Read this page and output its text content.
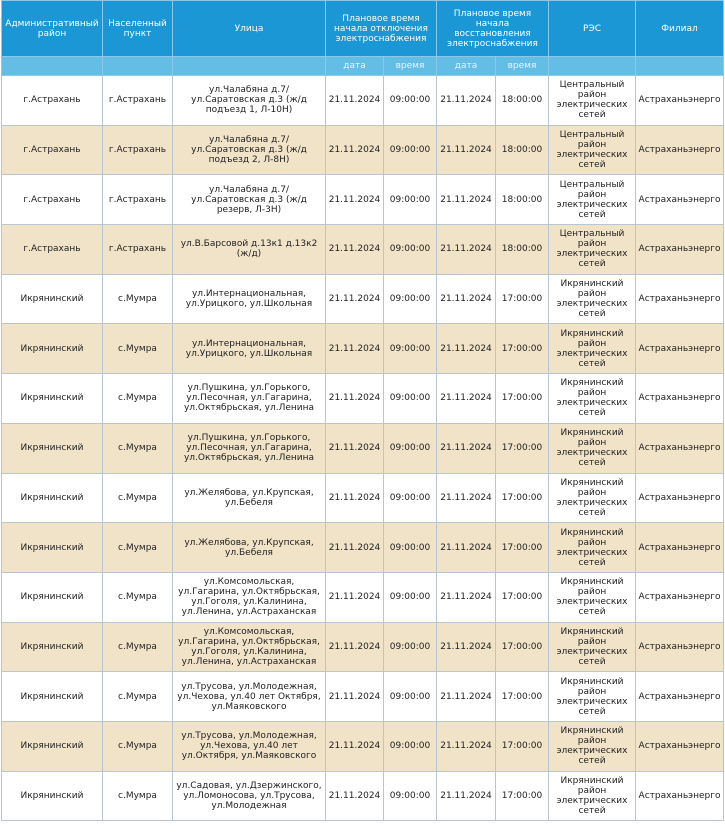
Административный район	Населенный пункт	Улица	Плановое время начала отключения электроснабжения		Плановое время начала восстановления электроснабжения		РЭС	Филиал
			дата	время	дата	время		
г.Астрахань	г.Астрахань	ул.Чалабяна д.7/ ул.Саратовская д.3 (ж/д подъезд 1, Л-10Н)	21.11.2024	09:00:00	21.11.2024	18:00:00	Центральный район электрических сетей	Астраханьэнерго
г.Астрахань	г.Астрахань	ул.Чалабяна д.7/ ул.Саратовская д.3 (ж/д подъезд 2, Л-8Н)	21.11.2024	09:00:00	21.11.2024	18:00:00	Центральный район электрических сетей	Астраханьэнерго
г.Астрахань	г.Астрахань	ул.Чалабяна д.7/ ул.Саратовская д.3 (ж/д резерв, Л-3Н)	21.11.2024	09:00:00	21.11.2024	18:00:00	Центральный район электрических сетей	Астраханьэнерго
г.Астрахань	г.Астрахань	ул.В.Барсовой д.13к1 д.13к2 (ж/д)	21.11.2024	09:00:00	21.11.2024	18:00:00	Центральный район электрических сетей	Астраханьэнерго
Икрянинский	с.Мумра	ул.Интернациональная, ул.Урицкого, ул.Школьная	21.11.2024	09:00:00	21.11.2024	17:00:00	Икрянинский район электрических сетей	Астраханьэнерго
Икрянинский	с.Мумра	ул.Интернациональная, ул.Урицкого, ул.Школьная	21.11.2024	09:00:00	21.11.2024	17:00:00	Икрянинский район электрических сетей	Астраханьэнерго
Икрянинский	с.Мумра	ул.Пушкина, ул.Горького, ул.Песочная, ул.Гагарина, ул.Октябрьская, ул.Ленина	21.11.2024	09:00:00	21.11.2024	17:00:00	Икрянинский район электрических сетей	Астраханьэнерго
Икрянинский	с.Мумра	ул.Пушкина, ул.Горького, ул.Песочная, ул.Гагарина, ул.Октябрьская, ул.Ленина	21.11.2024	09:00:00	21.11.2024	17:00:00	Икрянинский район электрических сетей	Астраханьэнерго
Икрянинский	с.Мумра	ул.Желябова, ул.Крупская, ул.Бебеля	21.11.2024	09:00:00	21.11.2024	17:00:00	Икрянинский район электрических сетей	Астраханьэнерго
Икрянинский	с.Мумра	ул.Желябова, ул.Крупская, ул.Бебеля	21.11.2024	09:00:00	21.11.2024	17:00:00	Икрянинский район электрических сетей	Астраханьэнерго
Икрянинский	с.Мумра	ул.Комсомольская, ул.Гагарина, ул.Октябрьская, ул.Гоголя, ул.Калинина, ул.Ленина, ул.Астраханская	21.11.2024	09:00:00	21.11.2024	17:00:00	Икрянинский район электрических сетей	Астраханьэнерго
Икрянинский	с.Мумра	ул.Комсомольская, ул.Гагарина, ул.Октябрьская, ул.Гоголя, ул.Калинина, ул.Ленина, ул.Астраханская	21.11.2024	09:00:00	21.11.2024	17:00:00	Икрянинский район электрических сетей	Астраханьэнерго
Икрянинский	с.Мумра	ул.Трусова, ул.Молодежная, ул.Чехова, ул.40 лет Октября, ул.Маяковского	21.11.2024	09:00:00	21.11.2024	17:00:00	Икрянинский район электрических сетей	Астраханьэнерго
Икрянинский	с.Мумра	ул.Трусова, ул.Молодежная, ул.Чехова, ул.40 лет ул.Октября, ул.Маяковского	21.11.2024	09:00:00	21.11.2024	17:00:00	Икрянинский район электрических сетей	Астраханьэнерго
Икрянинский	с.Мумра	ул.Садовая, ул.Дзержинского, ул.Ломоносова, ул.Трусова, ул.Молодежная	21.11.2024	09:00:00	21.11.2024	17:00:00	Икрянинский район электрических сетей	Астраханьэнерго
